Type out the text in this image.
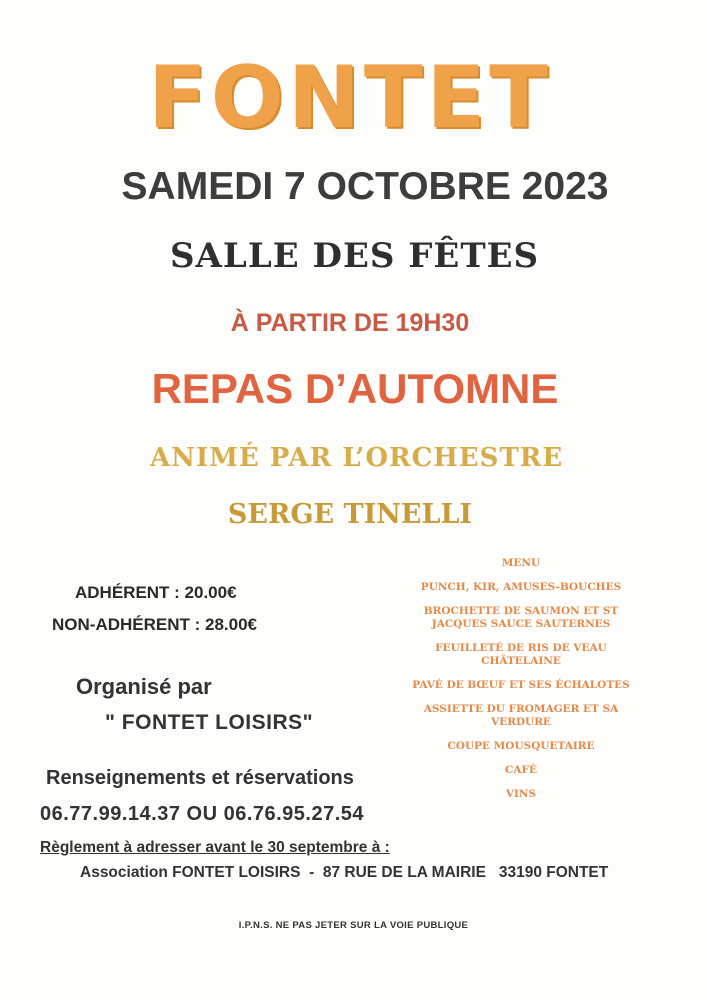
FONTET
SAMEDI 7 OCTOBRE 2023
SALLE DES FÊTES
À PARTIR DE 19H30
REPAS D’AUTOMNE
ANIMÉ PAR L’ORCHESTRE
SERGE TINELLI
ADHÉRENT : 20.00€
NON-ADHÉRENT : 28.00€
Organisé par
" FONTET LOISIRS"
Renseignements et réservations
06.77.99.14.37 OU 06.76.95.27.54
Règlement à adresser avant le 30 septembre à :
Association FONTET LOISIRS  -  87 RUE DE LA MAIRIE   33190 FONTET
MENU
PUNCH, KIR, AMUSES-BOUCHES
BROCHETTE DE SAUMON ET ST JACQUES SAUCE SAUTERNES
FEUILLETÉ DE RIS DE VEAU CHÂTELAINE
PAVÉ DE BŒUF ET SES ÉCHALOTES
ASSIETTE DU FROMAGER ET SA VERDURE
COUPE MOUSQUETAIRE
CAFÉ
VINS
I.P.N.S. NE PAS JETER SUR LA VOIE PUBLIQUE
